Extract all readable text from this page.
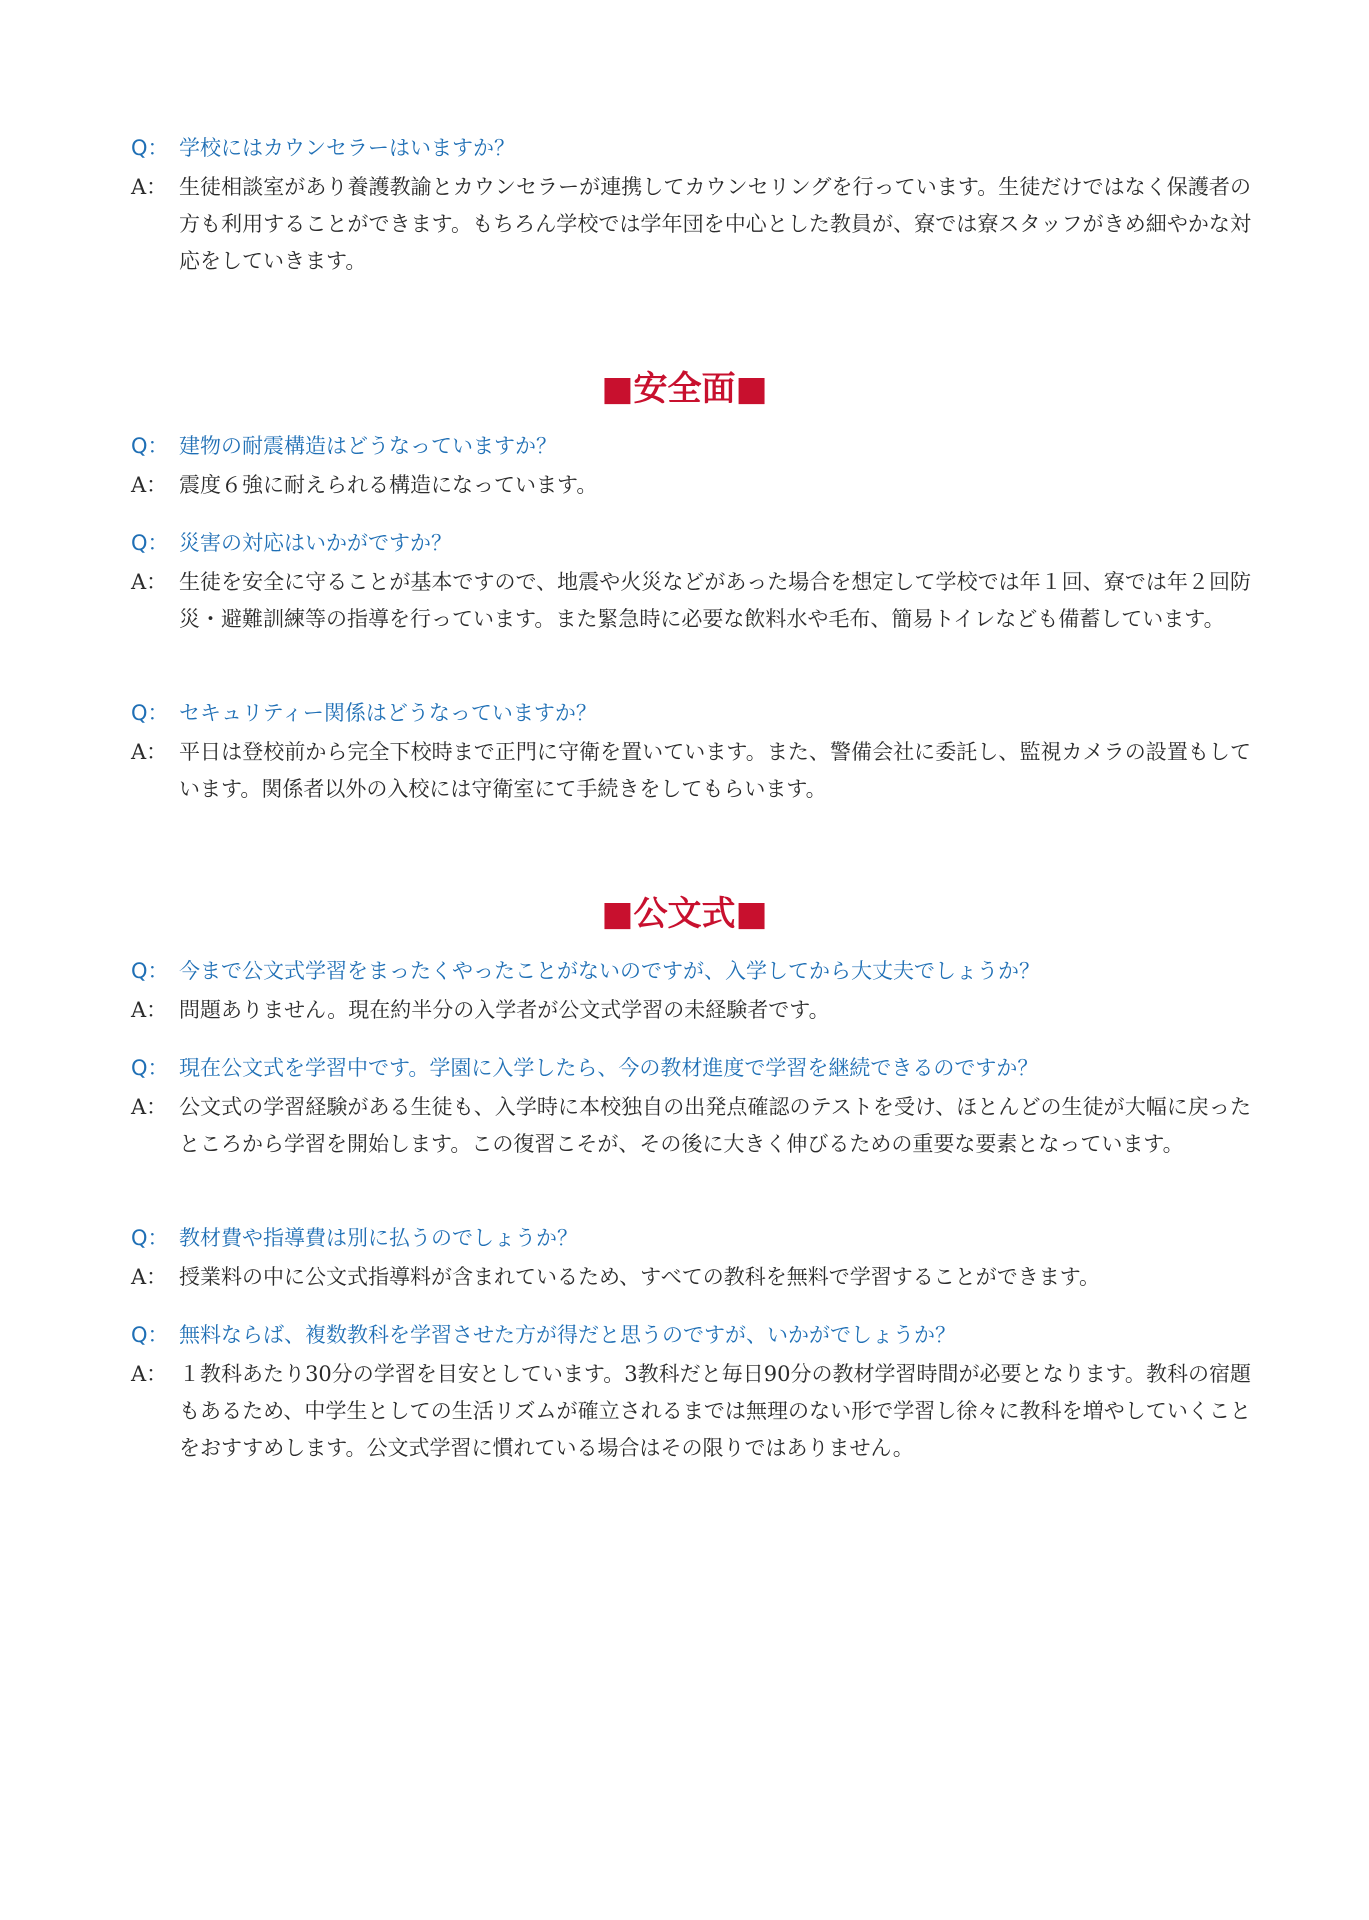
Q： 学校にはカウンセラーはいますか？
A： 生徒相談室があり養護教諭とカウンセラーが連携してカウンセリングを行っています。生徒だけではなく保護者の方も利用することができます。もちろん学校では学年団を中心とした教員が、寮では寮スタッフがきめ細やかな対応をしていきます。
■安全面■
Q： 建物の耐震構造はどうなっていますか？
A： 震度６強に耐えられる構造になっています。
Q： 災害の対応はいかがですか？
A： 生徒を安全に守ることが基本ですので、地震や火災などがあった場合を想定して学校では年１回、寮では年２回防災・避難訓練等の指導を行っています。また緊急時に必要な飲料水や毛布、簡易トイレなども備蓄しています。
Q： セキュリティー関係はどうなっていますか？
A： 平日は登校前から完全下校時まで正門に守衛を置いています。また、警備会社に委託し、監視カメラの設置もしています。関係者以外の入校には守衛室にて手続きをしてもらいます。
■公文式■
Q： 今まで公文式学習をまったくやったことがないのですが、入学してから大丈夫でしょうか？
A： 問題ありません。現在約半分の入学者が公文式学習の未経験者です。
Q： 現在公文式を学習中です。学園に入学したら、今の教材進度で学習を継続できるのですか？
A： 公文式の学習経験がある生徒も、入学時に本校独自の出発点確認のテストを受け、ほとんどの生徒が大幅に戻ったところから学習を開始します。この復習こそが、その後に大きく伸びるための重要な要素となっています。
Q： 教材費や指導費は別に払うのでしょうか？
A： 授業料の中に公文式指導料が含まれているため、すべての教科を無料で学習することができます。
Q： 無料ならば、複数教科を学習させた方が得だと思うのですが、いかがでしょうか？
A： １教科あたり30分の学習を目安としています。3教科だと毎日90分の教材学習時間が必要となります。教科の宿題もあるため、中学生としての生活リズムが確立されるまでは無理のない形で学習し徐々に教科を増やしていくことをおすすめします。公文式学習に慣れている場合はその限りではありません。
